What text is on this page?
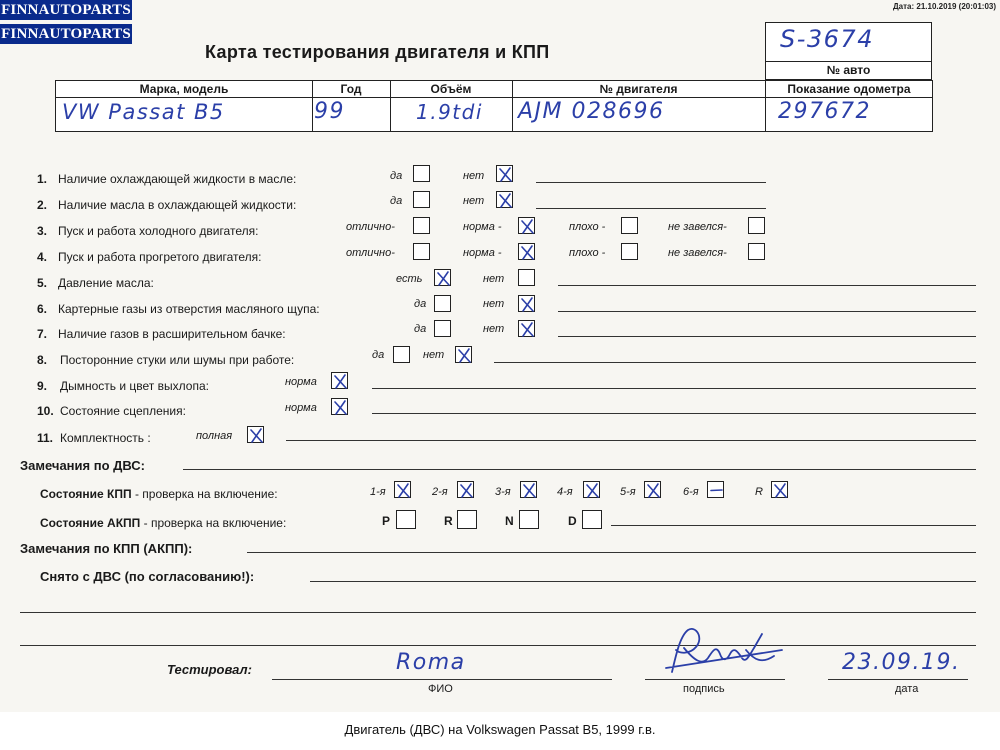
FINNAUTOPARTS
FINNAUTOPARTS
Дата: 21.10.2019 (20:01:03)
Карта тестирования двигателя и КПП	S-3674
№ авто
Марка, модель	Год	Объём	№ двигателя	Показание одометра
VW Passat B5	99	1.9tdi AJM 028696	297672
1. Наличие охлаждающей жидкости в масле:	да	нет
2. Наличие масла в охлаждающей жидкости:	да	нет
3. Пуск и работа холодного двигателя:	отлично-	норма -	плохо -	не завелся-
4. Пуск и работа прогретого двигателя:	отлично-	норма -	плохо -	не завелся-
5. Давление масла:	есть	нет
6. Картерные газы из отверстия масляного щупа:	да	нет
7. Наличие газов в расширительном бачке:	да	нет
8. Посторонние стуки или шумы при работе:	да	нет
9. Дымность и цвет выхлопа:	норма
10. Состояние сцепления:	норма
11. Комплектность :	полная
Замечания по ДВС:
Состояние КПП - проверка на включение:	1-я	2-я	3-я	4-я	5-я	6-я	R
Состояние АКПП - проверка на включение:	P	R	N	D
Замечания по КПП (АКПП):
Снято с ДВС (по согласованию!):
Тестировал:	Roma
ФИО	подпись
23.09.19.
дата
Двигатель (ДВС) на Volkswagen Passat B5, 1999 г.в.
